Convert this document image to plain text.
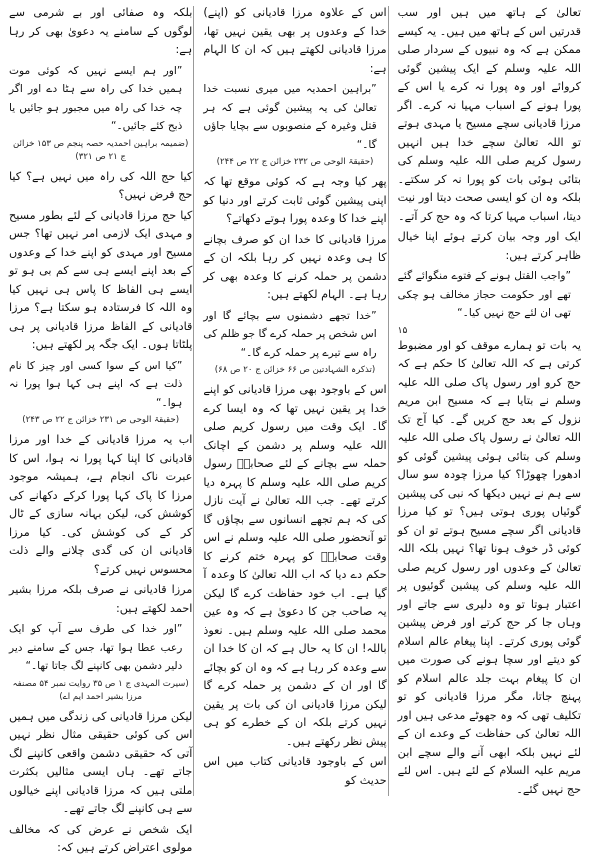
تعالیٰ کے ہاتھ میں ہیں اور سب قدرتیں اس کے ہاتھ میں ہیں۔ یہ کیسے ممکن ہے کہ وہ نبیوں کے سردار صلی اللہ علیہ وسلم کے ایک پیشین گوئی کروائے اور وہ پورا نہ کرے یا اس کے پورا ہونے کے اسباب مہیا نہ کرے۔ اگر مرزا قادیانی سچے مسیح یا مہدی ہوتے تو اللہ تعالیٰ سچے خدا ہیں انہیں رسول کریم صلی اللہ علیہ وسلم کی بتائی ہوئی بات کو پورا نہ کر سکتے۔ بلکہ وہ ان کو ایسی صحت دیتا اور نیت دیتا، اسباب مہیا کرتا کہ وہ حج کر آتے۔
ایک اور وجہ بیان کرتے ہوئے اپنا خیال ظاہر کرتے ہیں:
”واجب القتل ہونے کے فتوے منگوائے گئے تھے اور حکومت حجاز مخالف ہو چکی تھی ان لئے حج نہیں کیا۔“
۱۵
یہ بات تو ہمارے موقف کو اور مضبوط کرتی ہے کہ اللہ تعالیٰ کا حکم ہے کہ حج کرو اور رسول پاک صلی اللہ علیہ وسلم نے بتایا ہے کہ مسیح ابن مریم نزول کے بعد حج کریں گے۔ کیا آج تک اللہ تعالیٰ نے رسول پاک صلی اللہ علیہ وسلم کی بتائی ہوئی پیشین گوئی کو ادھورا چھوڑا؟ کیا مرزا چودہ سو سال سے ہم نے نہیں دیکھا کہ نبی کی پیشین گوئیاں پوری ہوتی ہیں؟ تو کیا مرزا قادیانی اگر سچے مسیح ہوتے تو ان کو کوئی ڈر خوف ہونا تھا؟ نہیں بلکہ اللہ تعالیٰ کے وعدوں اور رسول کریم صلی اللہ علیہ وسلم کی پیشین گوئیوں پر اعتبار ہوتا تو وہ دلیری سے جاتے اور وہاں جا کر حج کرتے اور فرض پیشین گوئی پوری کرتے۔ اپنا پیغام عالم اسلام کو دیتے اور سچا ہونے کی صورت میں ان کا پیغام بہت جلد عالم اسلام کو پہنچ جاتا، مگر مرزا قادیانی کو تو تکلیف تھی کہ وہ جھوٹے مدعی ہیں اور اللہ تعالیٰ کی حفاظت کے وعدے ان کے لئے نہیں بلکہ ابھی آنے والے سچے ابن مریم علیہ السلام کے لئے ہیں۔ اس لئے حج نہیں گئے۔
اس کے علاوہ مرزا قادیانی کو (اپنے) خدا کے وعدوں پر بھی یقین نہیں تھا، مرزا قادیانی لکھتے ہیں کہ ان کا الہام ہے:
”براہین احمدیہ میں میری نسبت خدا تعالیٰ کی یہ پیشین گوئی ہے کہ ہر قتل وغیرہ کے منصوبوں سے بچایا جاؤں گا۔“
(حقیقۃ الوحی ص ۲۳۲ خزائن ج ۲۲ ص ۲۴۴)
پھر کیا وجہ ہے کہ کوئی موقع تھا کہ اپنی پیشین گوئی ثابت کرتے اور دنیا کو اپنے خدا کا وعدہ پورا ہوتے دکھاتے؟
مرزا قادیانی کا خدا ان کو صرف بچانے کا ہی وعدہ نہیں کر رہا بلکہ ان کے دشمن پر حملہ کرنے کا وعدہ بھی کر رہا ہے۔ الہام لکھتے ہیں:
”خدا تجھے دشمنوں سے بچائے گا اور اس شخص پر حملہ کرے گا جو ظلم کی راہ سے تیرے پر حملہ کرے گا۔“
(تذکرہ الشہادتین ص ۶۶ خزائن ج ۲۰ ص ۶۸)
اس کے باوجود بھی مرزا قادیانی کو اپنے خدا پر یقین نہیں تھا کہ وہ ایسا کرے گا۔ ایک وقت میں رسول کریم صلی اللہ علیہ وسلم پر دشمن کے اچانک حملہ سے بچانے کے لئے صحابہؓ رسول کریم صلی اللہ علیہ وسلم کا پہرہ دیا کرتے تھے۔ جب اللہ تعالیٰ نے آیت نازل کی کہ ہم تجھے انسانوں سے بچاؤں گا تو آنحضور صلی اللہ علیہ وسلم نے اس وقت صحابہؓ کو پہرہ ختم کرنے کا حکم دے دیا کہ اب اللہ تعالیٰ کا وعدہ آ گیا ہے۔ اب خود حفاظت کرے گا لیکن یہ صاحب جن کا دعویٰ ہے کہ وہ عین محمد صلی اللہ علیہ وسلم ہیں۔ نعوذ باللہ! ان کا یہ حال ہے کہ ان کا خدا ان سے وعدہ کر رہا ہے کہ وہ ان کو بچائے گا اور ان کے دشمن پر حملہ کرے گا لیکن مرزا قادیانی ان کی بات پر یقین نہیں کرتے بلکہ ان کے خطرے کو ہی پیش نظر رکھتے ہیں۔
اس کے باوجود قادیانی کتاب میں اس حدیث کو
بلکہ وہ صفائی اور بے شرمی سے لوگوں کے سامنے یہ دعویٰ بھی کر رہا ہے:
”اور ہم ایسے نہیں کہ کوئی موت ہمیں خدا کی راہ سے ہٹا دے اور اگر چہ خدا کی راہ میں مجبور ہو جائیں یا ذبح کئے جائیں۔“
(ضمیمہ براہین احمدیہ حصہ پنجم ص ۱۵۳ خزائن ج ۲۱ ص ۳۲۱)
کیا حج اللہ کی راہ میں نہیں ہے؟ کیا حج فرض نہیں؟
کیا حج مرزا قادیانی کے لئے بطور مسیح و مہدی ایک لازمی امر نہیں تھا؟ جس مسیح اور مہدی کو اپنے خدا کے وعدوں کے بعد اپنے ایسے ہی سے کم بی ہو تو ایسے ہی الفاظ کا پاس ہی نہیں کیا وہ اللہ کا فرستادہ ہو سکتا ہے؟ مرزا قادیانی کے الفاظ مرزا قادیانی پر ہی پلٹاتا ہوں۔ ایک جگہ پر لکھتے ہیں:
”کیا اس کے سوا کسی اور چیز کا نام ذلت ہے کہ اپنے ہی کہا ہوا پورا نہ ہوا۔“
(حقیقۃ الوحی ص ۲۳۱ خزائن ج ۲۲ ص ۲۴۳)
اب یہ مرزا قادیانی کے خدا اور مرزا قادیانی کا اپنا کہا پورا نہ ہوا، اس کا عبرت ناک انجام ہے، ہمیشہ موجود مرزا کا پاک کہا پورا کرکے دکھانے کی کوشش کی، لیکن بہانہ سازی کے ٹال کر کے کی کوشش کی۔ کیا مرزا قادیانی ان کی گدی چلانے والے ذلت محسوس نہیں کرتے؟
مرزا قادیانی نے صرف بلکہ مرزا بشیر احمد لکھتے ہیں:
”اور خدا کی طرف سے آپ کو ایک رعب عطا ہوا تھا، جس کے سامنے دیر دلیر دشمن بھی کانپنے لگ جاتا تھا۔“
(سیرت المہدی ج ۱ ص ۳۵ روایت نمبر ۵۴ مصنفہ مرزا بشیر احمد ایم اے)
لیکن مرزا قادیانی کی زندگی میں ہمیں اس کی کوئی حقیقی مثال نظر نہیں آتی کہ حقیقی دشمن واقعی کانپنے لگ جاتے تھے۔ ہاں ایسی مثالیں بکثرت ملتی ہیں کہ مرزا قادیانی اپنے خیالوں سے ہی کانپنے لگ جاتے تھے۔
ایک شخص نے عرض کی کہ مخالف مولوی اعتراض کرتے ہیں کہ:
